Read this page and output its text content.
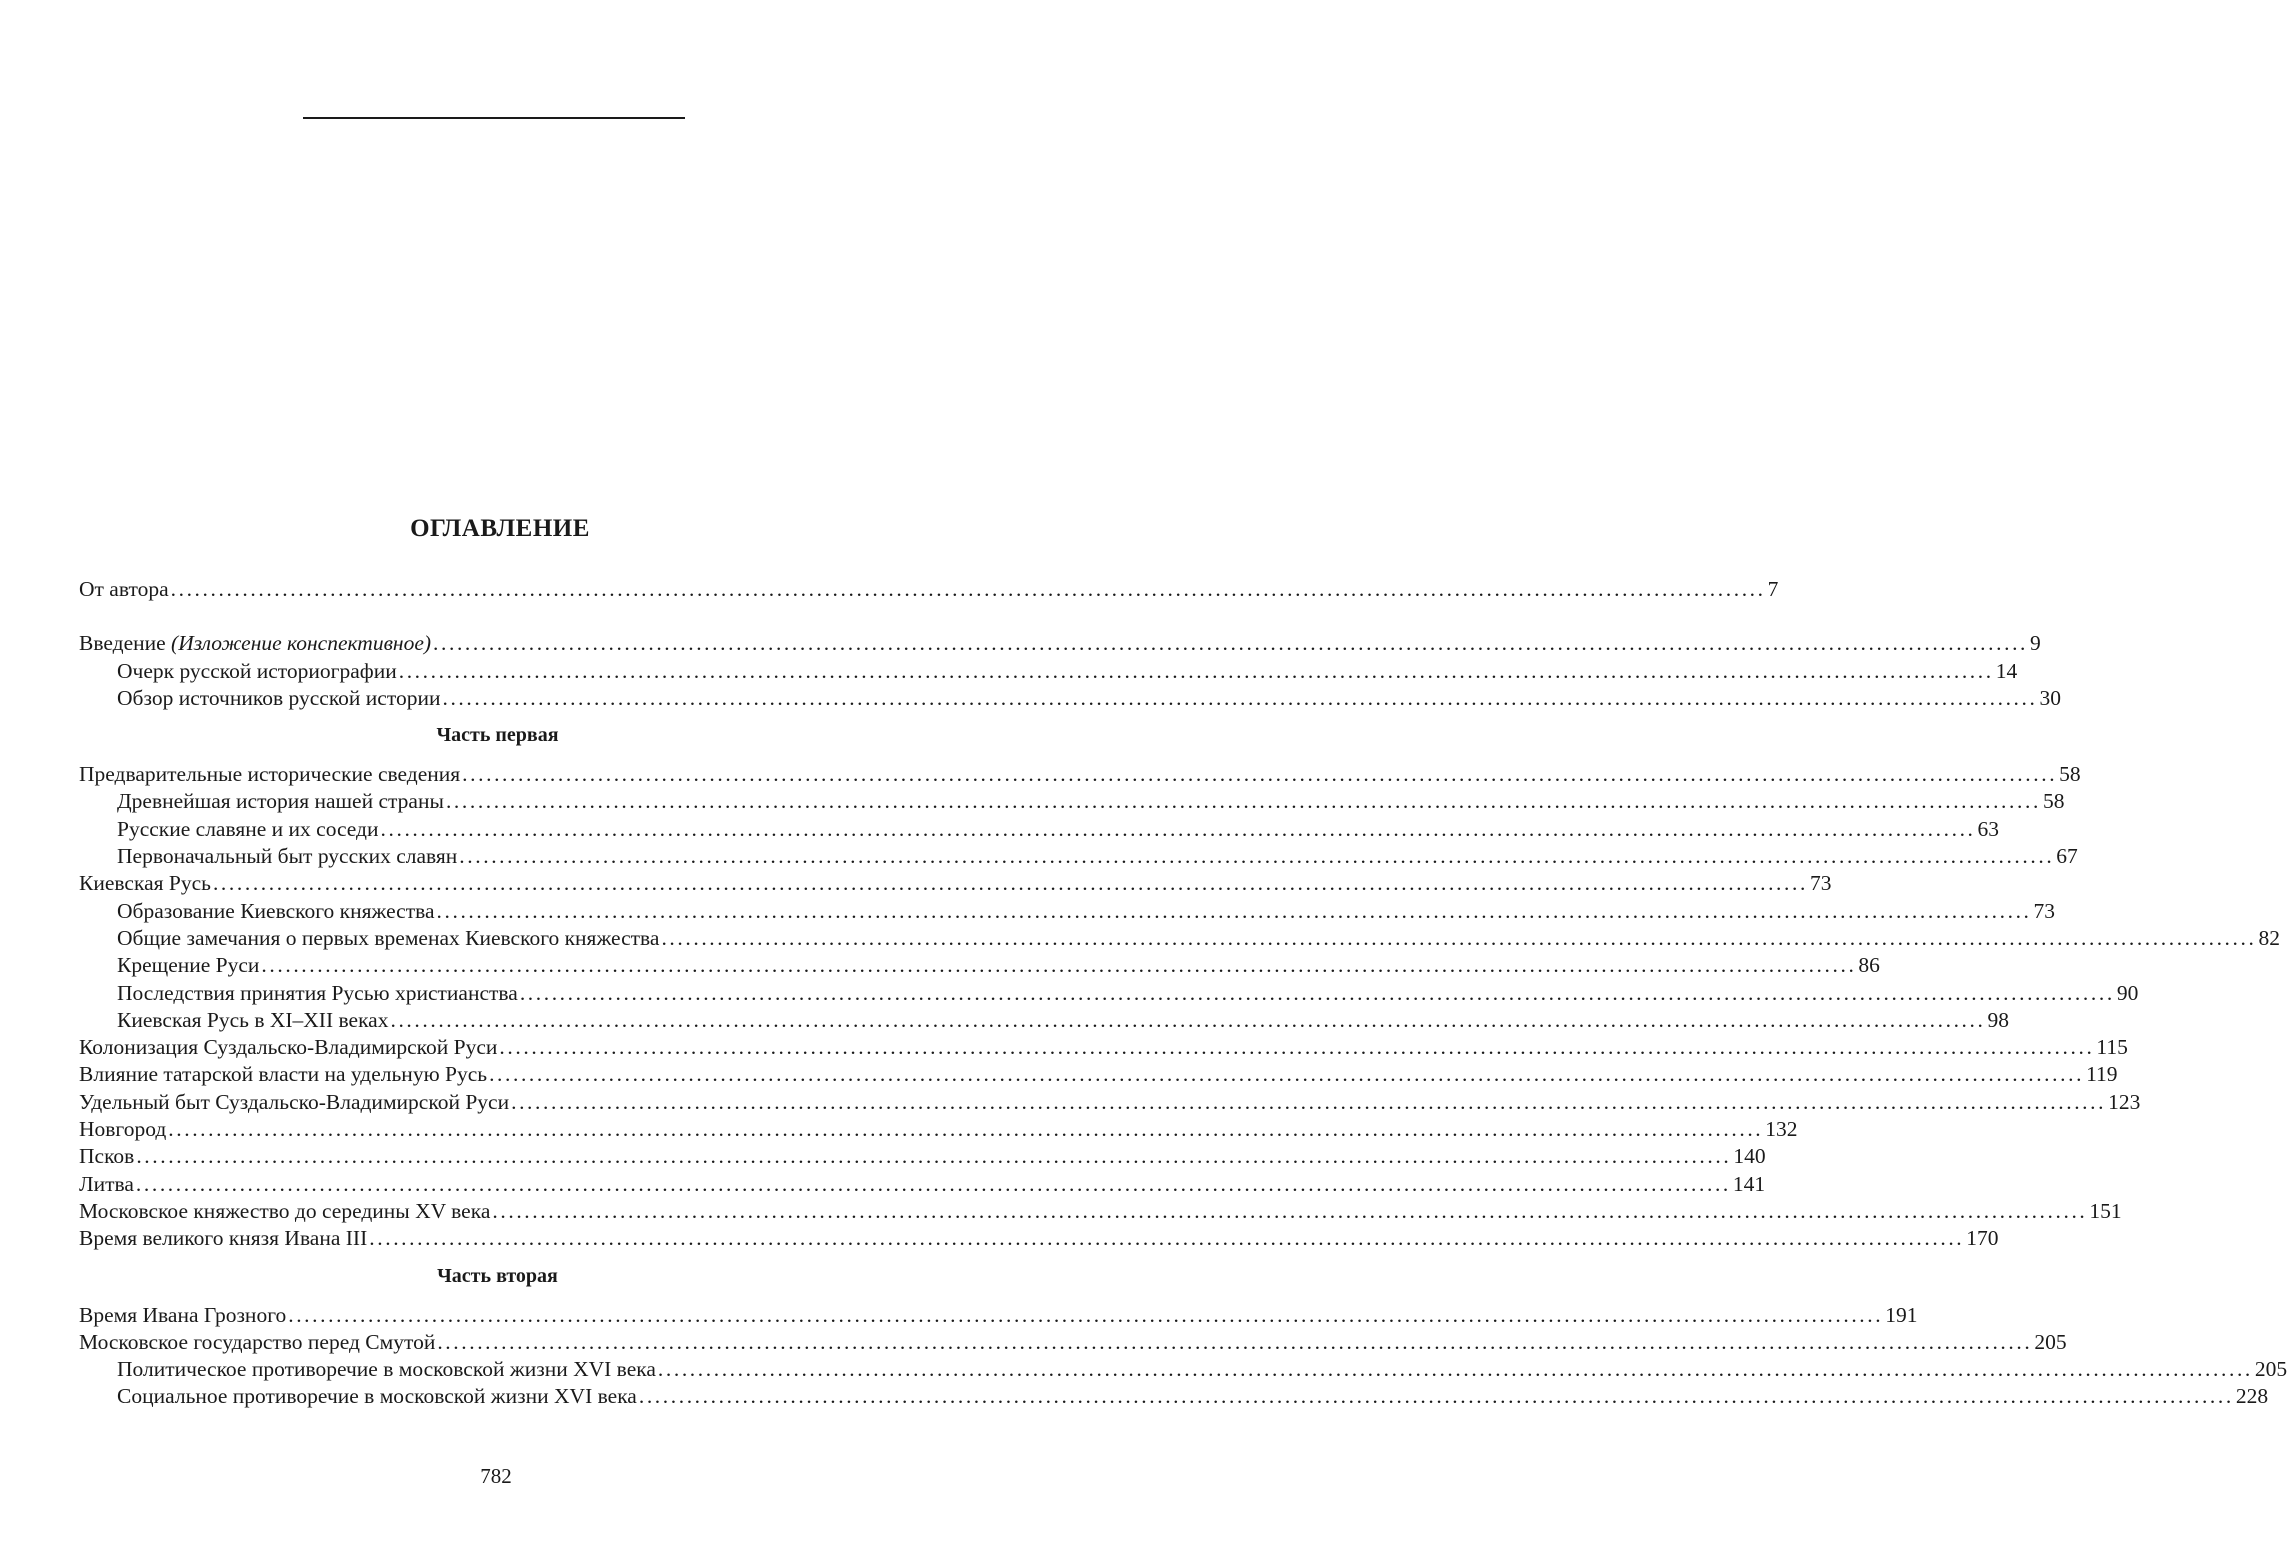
ОГЛАВЛЕНИЕ
От автора ........................................................................................................................................................................................................ 7
Введение (Изложение конспективное) ........................................................................................................................................................................................................ 9
Очерк русской историографии ........................................................................................................................................................................................................ 14
Обзор источников русской истории ........................................................................................................................................................................................................ 30
Часть первая
Предварительные исторические сведения ........................................................................................................................................................................................................ 58
Древнейшая история нашей страны ........................................................................................................................................................................................................ 58
Русские славяне и их соседи ........................................................................................................................................................................................................ 63
Первоначальный быт русских славян ........................................................................................................................................................................................................ 67
Киевская Русь ........................................................................................................................................................................................................ 73
Образование Киевского княжества ........................................................................................................................................................................................................ 73
Общие замечания о первых временах Киевского княжества ........................................................................................................................................................................................................ 82
Крещение Руси ........................................................................................................................................................................................................ 86
Последствия принятия Русью христианства ........................................................................................................................................................................................................ 90
Киевская Русь в XI–XII веках ........................................................................................................................................................................................................ 98
Колонизация Суздальско-Владимирской Руси ........................................................................................................................................................................................................ 115
Влияние татарской власти на удельную Русь ........................................................................................................................................................................................................ 119
Удельный быт Суздальско-Владимирской Руси ........................................................................................................................................................................................................ 123
Новгород ........................................................................................................................................................................................................ 132
Псков ........................................................................................................................................................................................................ 140
Литва ........................................................................................................................................................................................................ 141
Московское княжество до середины XV века ........................................................................................................................................................................................................ 151
Время великого князя Ивана III ........................................................................................................................................................................................................ 170
Часть вторая
Время Ивана Грозного ........................................................................................................................................................................................................ 191
Московское государство перед Смутой ........................................................................................................................................................................................................ 205
Политическое противоречие в московской жизни XVI века ........................................................................................................................................................................................................ 205
Социальное противоречие в московской жизни XVI века ........................................................................................................................................................................................................ 228
782
